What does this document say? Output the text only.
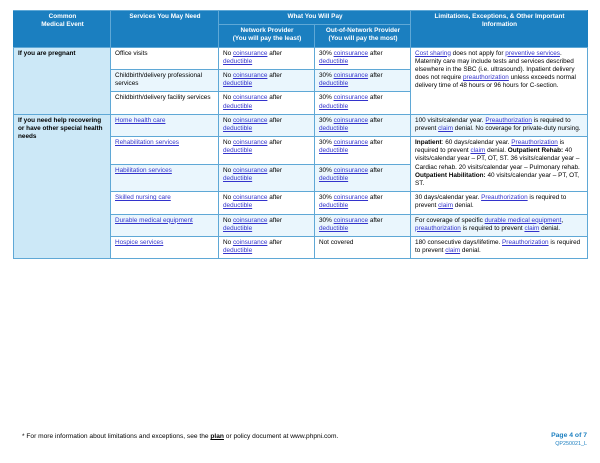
Common
Medical Event	Services You May Need	What You Will Pay		Limitations, Exceptions, & Other Important
Information
		Network Provider
(You will pay the least)	Out-of-Network Provider
(You will pay the most)	
If you are pregnant	Office visits	No coinsurance after deductible	30% coinsurance after deductible	Cost sharing does not apply for preventive services. Maternity care may include tests and services described elsewhere in the SBC (i.e. ultrasound). Inpatient delivery does not require preauthorization unless exceeds normal delivery time of 48 hours or 96 hours for C-section.
	Childbirth/delivery professional services	No coinsurance after deductible	30% coinsurance after deductible	
	Childbirth/delivery facility services	No coinsurance after deductible	30% coinsurance after deductible	
If you need help recovering or have other special health needs	Home health care	No coinsurance after deductible	30% coinsurance after deductible	100 visits/calendar year. Preauthorization is required to prevent claim denial. No coverage for private-duty nursing.
	Rehabilitation services	No coinsurance after deductible	30% coinsurance after deductible	Inpatient: 60 days/calendar year. Preauthorization is required to prevent claim denial. Outpatient Rehab: 40 visits/calendar year – PT, OT, ST. 36 visits/calendar year – Cardiac rehab. 20 visits/calendar year – Pulmonary rehab. Outpatient Habilitation: 40 visits/calendar year – PT, OT, ST.
	Habilitation services	No coinsurance after deductible	30% coinsurance after deductible	
	Skilled nursing care	No coinsurance after deductible	30% coinsurance after deductible	30 days/calendar year. Preauthorization is required to prevent claim denial.
	Durable medical equipment	No coinsurance after deductible	30% coinsurance after deductible	For coverage of specific durable medical equipment, preauthorization is required to prevent claim denial.
	Hospice services	No coinsurance after deductible	Not covered	180 consecutive days/lifetime. Preauthorization is required to prevent claim denial.
* For more information about limitations and exceptions, see the plan or policy document at www.phpni.com.	Page 4 of 7
QP250021_L
